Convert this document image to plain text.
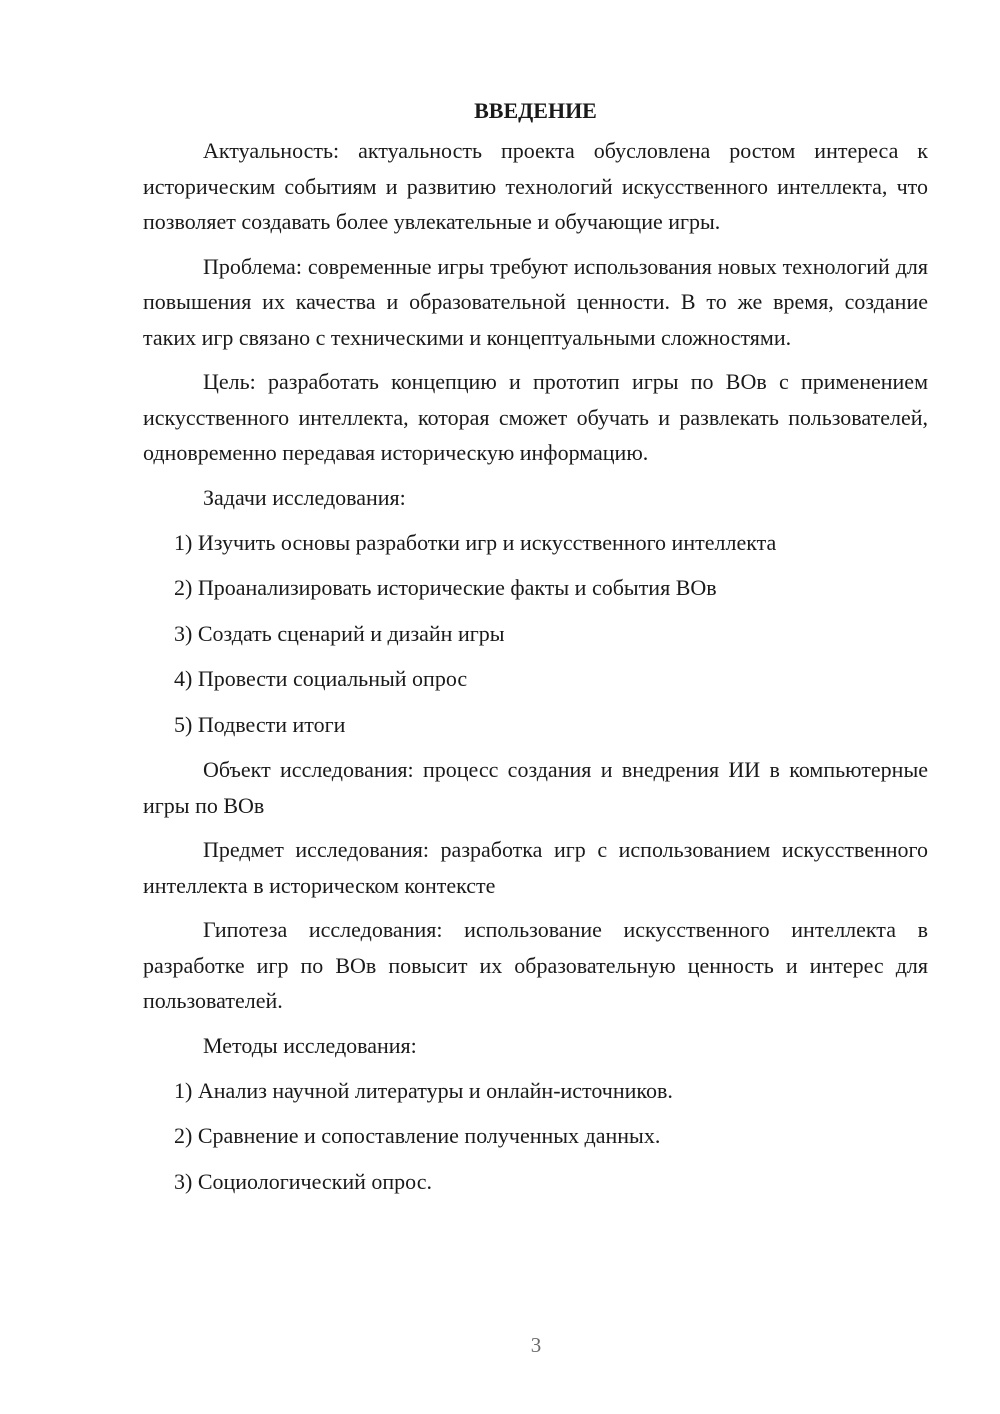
ВВЕДЕНИЕ

Актуальность: актуальность проекта обусловлена ростом интереса к историческим событиям и развитию технологий искусственного интеллекта, что позволяет создавать более увлекательные и обучающие игры.

Проблема: современные игры требуют использования новых технологий для повышения их качества и образовательной ценности. В то же время, создание таких игр связано с техническими и концептуальными сложностями.

Цель: разработать концепцию и прототип игры по ВОв с применением искусственного интеллекта, которая сможет обучать и развлекать пользователей, одновременно передавая историческую информацию.

Задачи исследования:

1) Изучить основы разработки игр и искусственного интеллекта
2) Проанализировать исторические факты и события ВОв
3) Создать сценарий и дизайн игры
4) Провести социальный опрос
5) Подвести итоги

Объект исследования: процесс создания и внедрения ИИ в компьютерные игры по ВОв

Предмет исследования: разработка игр с использованием искусственного интеллекта в историческом контексте

Гипотеза исследования: использование искусственного интеллекта в разработке игр по ВОв повысит их образовательную ценность и интерес для пользователей.

Методы исследования:

1) Анализ научной литературы и онлайн-источников.
2) Сравнение и сопоставление полученных данных.
3) Социологический опрос.
3
